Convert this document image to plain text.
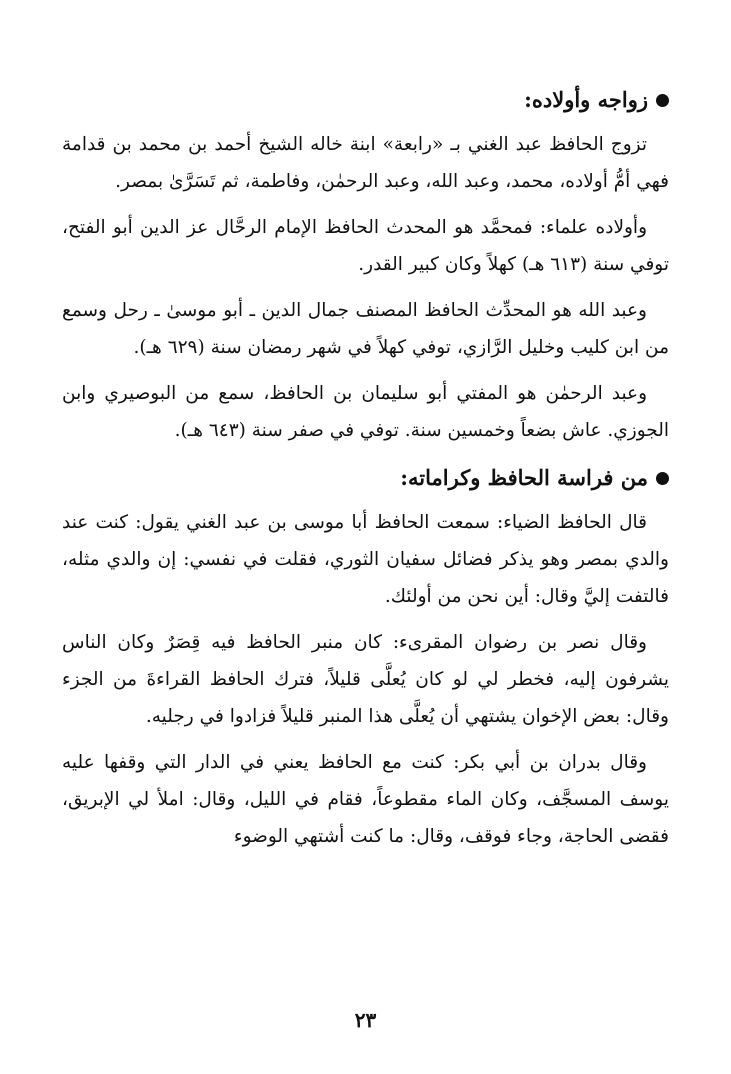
زواجه وأولاده:

تزوج الحافظ عبد الغني بـ «رابعة» ابنة خاله الشيخ أحمد بن محمد بن قدامة فهي أمُّ أولاده، محمد، وعبد الله، وعبد الرحمٰن، وفاطمة، ثم تَسَرَّىٰ بمصر.

وأولاده علماء: فمحمَّد هو المحدث الحافظ الإمام الرحَّال عز الدين أبو الفتح، توفي سنة (٦١٣ هـ) كهلاً وكان كبير القدر.

وعبد الله هو المحدِّث الحافظ المصنف جمال الدين ـ أبو موسىٰ ـ رحل وسمع من ابن كليب وخليل الرَّازي، توفي كهلاً في شهر رمضان سنة (٦٢٩ هـ).

وعبد الرحمٰن هو المفتي أبو سليمان بن الحافظ، سمع من البوصيري وابن الجوزي. عاش بضعاً وخمسين سنة. توفي في صفر سنة (٦٤٣ هـ).

من فراسة الحافظ وكراماته:

قال الحافظ الضياء: سمعت الحافظ أبا موسى بن عبد الغني يقول: كنت عند والدي بمصر وهو يذكر فضائل سفيان الثوري، فقلت في نفسي: إن والدي مثله، فالتفت إليَّ وقال: أين نحن من أولئك.

وقال نصر بن رضوان المقرىء: كان منبر الحافظ فيه قِصَرٌ وكان الناس يشرفون إليه، فخطر لي لو كان يُعلَّى قليلاً، فترك الحافظ القراءةَ من الجزء وقال: بعض الإخوان يشتهي أن يُعلَّى هذا المنبر قليلاً فزادوا في رجليه.

وقال بدران بن أبي بكر: كنت مع الحافظ يعني في الدار التي وقفها عليه يوسف المسجَّف، وكان الماء مقطوعاً، فقام في الليل، وقال: املأ لي الإبريق، فقضى الحاجة، وجاء فوقف، وقال: ما كنت أشتهي الوضوء

٢٣
